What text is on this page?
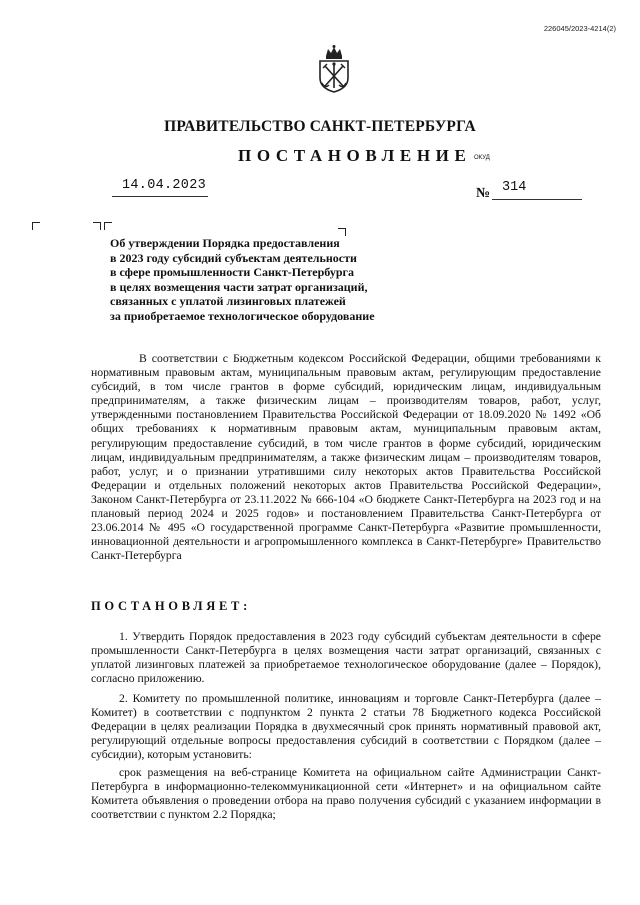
226045/2023-4214(2)
ПРАВИТЕЛЬСТВО САНКТ-ПЕТЕРБУРГА
ПОСТАНОВЛЕНИЕ ОКУД
14.04.2023
№ 314
Об утверждении Порядка предоставления
в 2023 году субсидий субъектам деятельности
в сфере промышленности Санкт-Петербурга
в целях возмещения части затрат организаций,
связанных с уплатой лизинговых платежей
за приобретаемое технологическое оборудование
В соответствии с Бюджетным кодексом Российской Федерации, общими требованиями к нормативным правовым актам, муниципальным правовым актам, регулирующим предоставление субсидий, в том числе грантов в форме субсидий, юридическим лицам, индивидуальным предпринимателям, а также физическим лицам – производителям товаров, работ, услуг, утвержденными постановлением Правительства Российской Федерации от 18.09.2020 № 1492 «Об общих требованиях к нормативным правовым актам, муниципальным правовым актам, регулирующим предоставление субсидий, в том числе грантов в форме субсидий, юридическим лицам, индивидуальным предпринимателям, а также физическим лицам – производителям товаров, работ, услуг, и о признании утратившими силу некоторых актов Правительства Российской Федерации и отдельных положений некоторых актов Правительства Российской Федерации», Законом Санкт-Петербурга от 23.11.2022 № 666-104 «О бюджете Санкт-Петербурга на 2023 год и на плановый период 2024 и 2025 годов» и постановлением Правительства Санкт-Петербурга от 23.06.2014 № 495 «О государственной программе Санкт-Петербурга «Развитие промышленности, инновационной деятельности и агропромышленного комплекса в Санкт-Петербурге» Правительство Санкт-Петербурга
ПОСТАНОВЛЯЕТ:
1. Утвердить Порядок предоставления в 2023 году субсидий субъектам деятельности в сфере промышленности Санкт-Петербурга в целях возмещения части затрат организаций, связанных с уплатой лизинговых платежей за приобретаемое технологическое оборудование (далее – Порядок), согласно приложению.
2. Комитету по промышленной политике, инновациям и торговле Санкт-Петербурга (далее – Комитет) в соответствии с подпунктом 2 пункта 2 статьи 78 Бюджетного кодекса Российской Федерации в целях реализации Порядка в двухмесячный срок принять нормативный правовой акт, регулирующий отдельные вопросы предоставления субсидий в соответствии с Порядком (далее – субсидии), которым установить:
срок размещения на веб-странице Комитета на официальном сайте Администрации Санкт-Петербурга в информационно-телекоммуникационной сети «Интернет» и на официальном сайте Комитета объявления о проведении отбора на право получения субсидий с указанием информации в соответствии с пунктом 2.2 Порядка;
